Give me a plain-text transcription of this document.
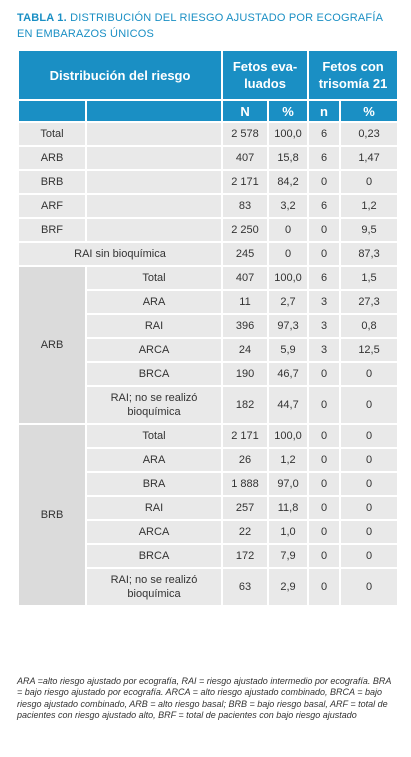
TABLA 1. DISTRIBUCIÓN DEL RIESGO AJUSTADO POR ECOGRAFÍA EN EMBARAZOS ÚNICOS
Distribución del riesgo		Fetos eva-luados		Fetos con trisomía 21	
		N	%	n	%
Total		2 578	100,0	6	0,23
ARB		407	15,8	6	1,47
BRB		2 171	84,2	0	0
ARF		83	3,2	6	1,2
BRF		2 250	0	0	9,5
RAI sin bioquímica		245	0	0	87,3
ARB	Total	407	100,0	6	1,5
	ARA	11	2,7	3	27,3
	RAI	396	97,3	3	0,8
	ARCA	24	5,9	3	12,5
	BRCA	190	46,7	0	0
	RAI; no se realizó bioquímica	182	44,7	0	0
BRB	Total	2 171	100,0	0	0
	ARA	26	1,2	0	0
	BRA	1 888	97,0	0	0
	RAI	257	11,8	0	0
	ARCA	22	1,0	0	0
	BRCA	172	7,9	0	0
	RAI; no se realizó bioquímica	63	2,9	0	0
ARA =alto riesgo ajustado por ecografía, RAI = riesgo ajustado intermedio por ecografía. BRA = bajo riesgo ajustado por ecografía. ARCA = alto riesgo ajustado combinado, BRCA = bajo riesgo ajustado combinado, ARB = alto riesgo basal; BRB = bajo riesgo basal, ARF = total de pacientes con riesgo ajustado alto, BRF = total de pacientes con bajo riesgo ajustado
